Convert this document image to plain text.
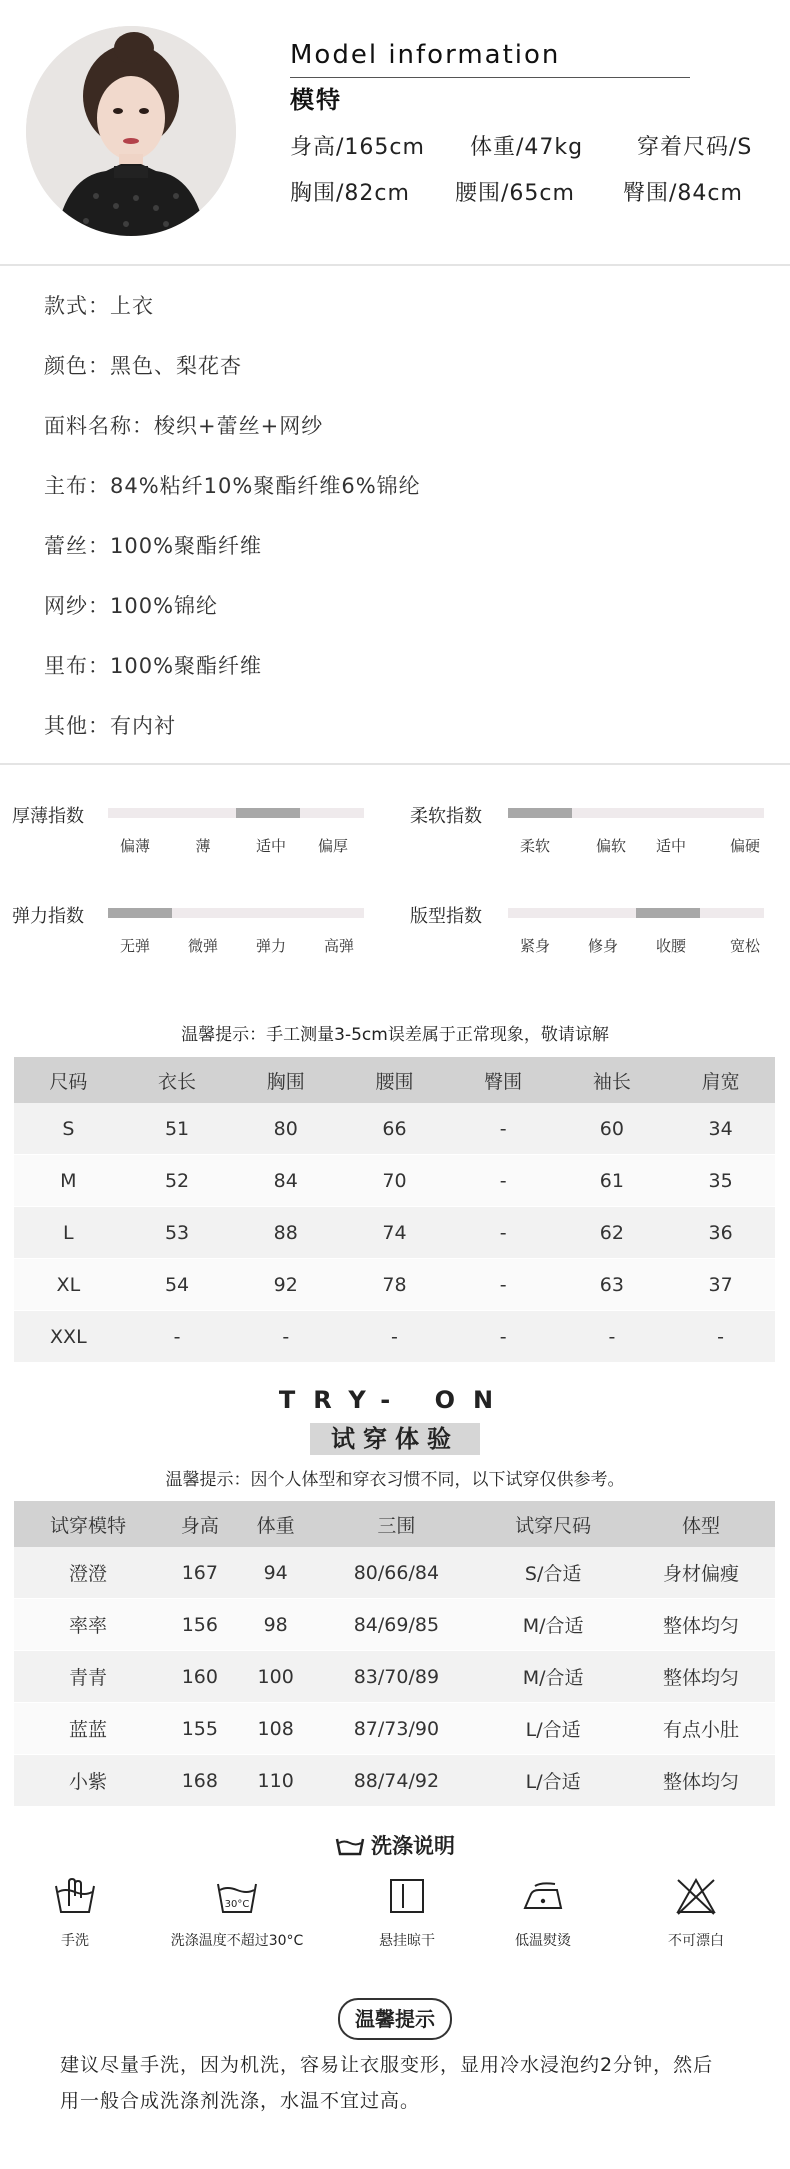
Model information
模特
身高/165cm 体重/47kg 穿着尺码/S
胸围/82cm 腰围/65cm 臀围/84cm
款式：上衣
颜色：黑色、梨花杏
面料名称：梭织+蕾丝+网纱
主布：84%粘纤10%聚酯纤维6%锦纶
蕾丝：100%聚酯纤维
网纱：100%锦纶
里布：100%聚酯纤维
其他：有内衬
厚薄指数
偏薄	薄	适中	偏厚
柔软指数
柔软	偏软	适中	偏硬
弹力指数
无弹	微弹	弹力	高弹
版型指数
紧身	修身	收腰	宽松
温馨提示：手工测量3-5cm误差属于正常现象，敬请谅解
尺码	衣长	胸围	腰围	臀围	袖长	肩宽
S	51	80	66	-	60	34
M	52	84	70	-	61	35
L	53	88	74	-	62	36
XL	54	92	78	-	63	37
XXL	-	-	-	-	-	-
TRY- ON
试穿体验
温馨提示：因个人体型和穿衣习惯不同，以下试穿仅供参考。
试穿模特	身高	体重	三围	试穿尺码	体型
澄澄	167	94	80/66/84	S/合适	身材偏瘦
率率	156	98	84/69/85	M/合适	整体均匀
青青	160	100	83/70/89	M/合适	整体均匀
蓝蓝	155	108	87/73/90	L/合适	有点小肚
小紫	168	110	88/74/92	L/合适	整体均匀
洗涤说明
手洗
30°C
洗涤温度不超过30°C	悬挂晾干	低温熨烫	不可漂白
温馨提示
建议尽量手洗，因为机洗，容易让衣服变形，显用冷水浸泡约2分钟，然后
用一般合成洗涤剂洗涤，水温不宜过高。
